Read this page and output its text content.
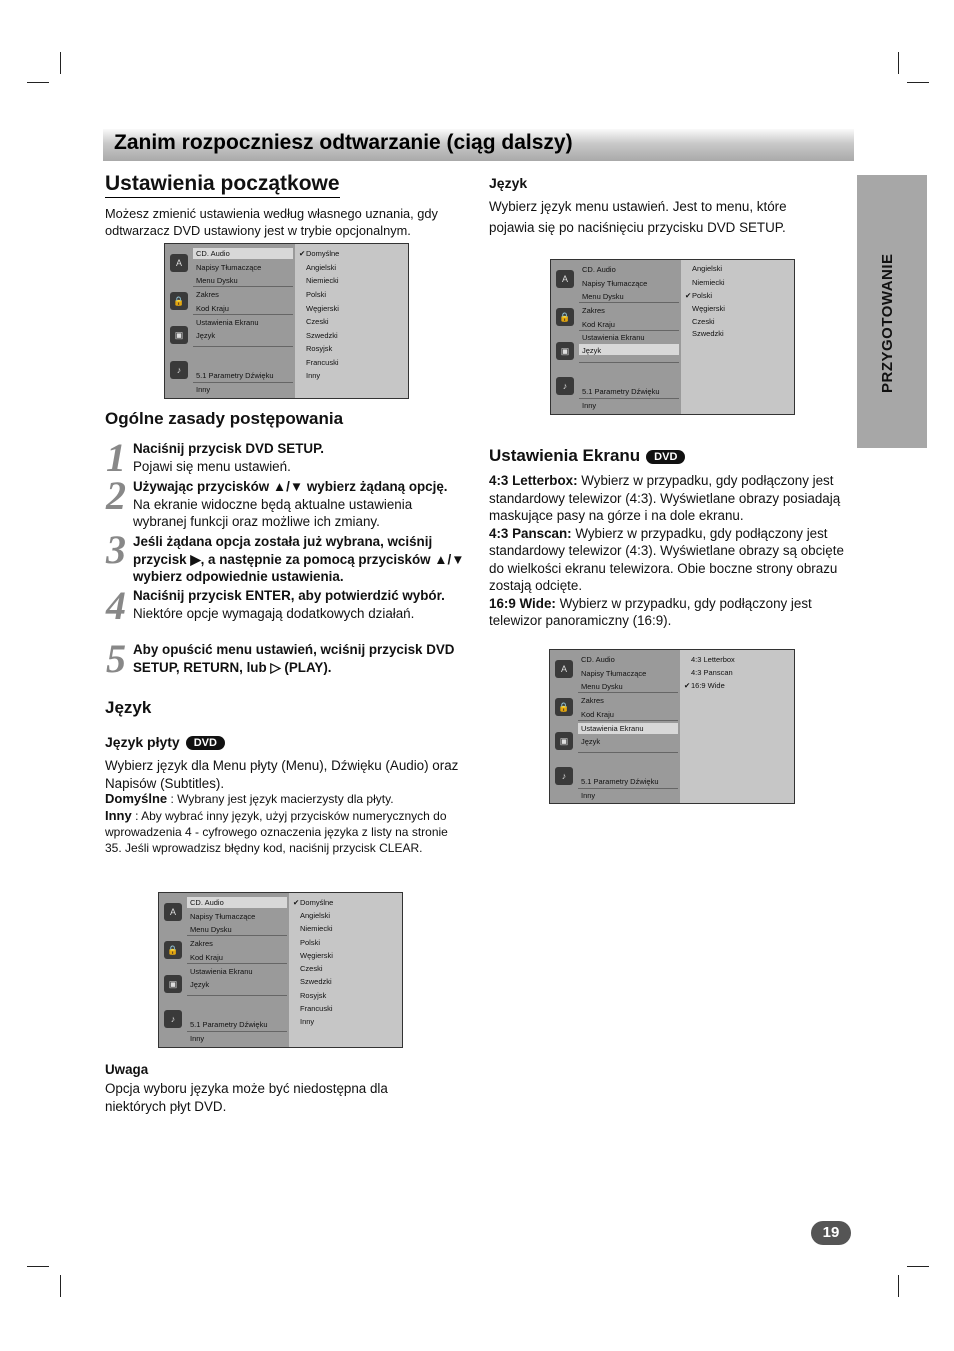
Zanim rozpoczniesz odtwarzanie (ciąg dalszy)
PRZYGOTOWANIE
Ustawienia początkowe
Możesz zmienić ustawienia według własnego uznania, gdy odtwarzacz DVD ustawiony jest w trybie opcjonalnym.
A
🔒
▣
♪
CD. Audio
Napisy Tłumaczące
Menu Dysku
Zakres
Kod Kraju
Ustawienia Ekranu
Język
5.1 Parametry Dźwięku
Inny
✔ Domyślne
Angielski
Niemiecki
Polski
Węgierski
Czeski
Szwedzki
Rosyjsk
Francuski
Inny
Ogólne zasady postępowania
1 Naciśnij przycisk DVD SETUP.
Pojawi się menu ustawień.
2 Używając przycisków ▲/▼ wybierz żądaną opcję.
Na ekranie widoczne będą aktualne ustawienia wybranej funkcji oraz możliwe ich zmiany.
3 Jeśli żądana opcja została już wybrana, wciśnij przycisk ▶, a następnie za pomocą przycisków ▲/▼ wybierz odpowiednie ustawienia.
4 Naciśnij przycisk ENTER, aby potwierdzić wybór.
Niektóre opcje wymagają dodatkowych działań.
5 Aby opuścić menu ustawień, wciśnij przycisk DVD SETUP, RETURN, lub ▷ (PLAY).
Język
Język płyty DVD
Wybierz język dla Menu płyty (Menu), Dźwięku (Audio) oraz Napisów (Subtitles).
Domyślne : Wybrany jest język macierzysty dla płyty.
Inny : Aby wybrać inny język, użyj przycisków numerycznych do wprowadzenia 4 - cyfrowego oznaczenia języka z listy na stronie 35. Jeśli wprowadzisz błędny kod, naciśnij przycisk CLEAR.
A
🔒
▣
♪
CD. Audio
Napisy Tłumaczące
Menu Dysku
Zakres
Kod Kraju
Ustawienia Ekranu
Język
5.1 Parametry Dźwięku
Inny
✔ Domyślne
Angielski
Niemiecki
Polski
Węgierski
Czeski
Szwedzki
Rosyjsk
Francuski
Inny
Uwaga
Opcja wyboru języka może być niedostępna dla niektórych płyt DVD.
Język
Wybierz język menu ustawień. Jest to menu, które pojawia się po naciśnięciu przycisku DVD SETUP.
A
🔒
▣
♪
CD. Audio
Napisy Tłumaczące
Menu Dysku
Zakres
Kod Kraju
Ustawienia Ekranu
Język
5.1 Parametry Dźwięku
Inny
Angielski
Niemiecki
✔ Polski
Węgierski
Czeski
Szwedzki
Ustawienia Ekranu DVD
4:3 Letterbox: Wybierz w przypadku, gdy podłączony jest standardowy telewizor (4:3). Wyświetlane obrazy posiadają maskujące pasy na górze i na dole ekranu.
4:3 Panscan: Wybierz w przypadku, gdy podłączony jest standardowy telewizor (4:3). Wyświetlane obrazy są obcięte do wielkości ekranu telewizora. Obie boczne strony obrazu zostają odcięte.
16:9 Wide: Wybierz w przypadku, gdy podłączony jest telewizor panoramiczny (16:9).
A
🔒
▣
♪
CD. Audio
Napisy Tłumaczące
Menu Dysku
Zakres
Kod Kraju
Ustawienia Ekranu
Język
5.1 Parametry Dźwięku
Inny
4:3 Letterbox
4:3 Panscan
✔ 16:9 Wide
19
